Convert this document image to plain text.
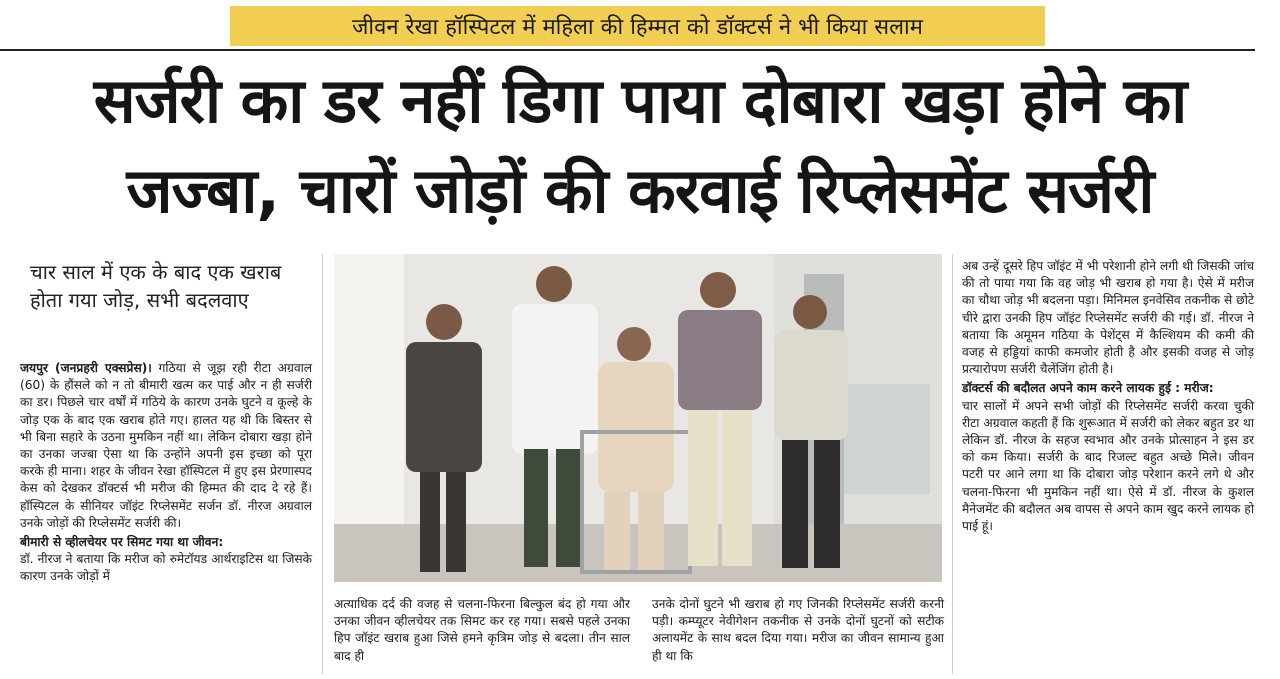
जीवन रेखा हॉस्पिटल में महिला की हिम्मत को डॉक्टर्स ने भी किया सलाम
सर्जरी का डर नहीं डिगा पाया दोबारा खड़ा होने का
जज्बा, चारों जोड़ों की करवाई रिप्लेसमेंट सर्जरी
चार साल में एक के बाद एक खराब होता गया जोड़, सभी बदलवाए
जयपुर (जनप्रहरी एक्सप्रेस)। गठिया से जूझ रही रीटा अग्रवाल (60) के हौंसले को न तो बीमारी खत्म कर पाई और न ही सर्जरी का डर। पिछले चार वर्षों में गठिये के कारण उनके घुटने व कूल्हे के जोड़ एक के बाद एक खराब होते गए। हालत यह थी कि बिस्तर से भी बिना सहारे के उठना मुमकिन नहीं था। लेकिन दोबारा खड़ा होने का उनका जज्बा ऐसा था कि उन्होंने अपनी इस इच्छा को पूरा करके ही माना। शहर के जीवन रेखा हॉस्पिटल में हुए इस प्रेरणास्पद केस को देखकर डॉक्टर्स भी मरीज की हिम्मत की दाद दे रहे हैं। हॉस्पिटल के सीनियर जॉइंट रिप्लेसमेंट सर्जन डॉ. नीरज अग्रवाल उनके जोड़ों की रिप्लेसमेंट सर्जरी की।
बीमारी से व्हीलचेयर पर सिमट गया था जीवन:
डॉ. नीरज ने बताया कि मरीज को रुमेटॉयड आर्थराइटिस था जिसके कारण उनके जोड़ों में
अत्याधिक दर्द की वजह से चलना-फिरना बिल्कुल बंद हो गया और उनका जीवन व्हीलचेयर तक सिमट कर रह गया। सबसे पहले उनका हिप जॉइंट खराब हुआ जिसे हमने कृत्रिम जोड़ से बदला। तीन साल बाद ही
उनके दोनों घुटने भी खराब हो गए जिनकी रिप्लेसमेंट सर्जरी करनी पड़ी। कम्प्यूटर नेवीगेशन तकनीक से उनके दोनों घुटनों को सटीक अलायमेंट के साथ बदल दिया गया। मरीज का जीवन सामान्य हुआ ही था कि
अब उन्हें दूसरे हिप जॉइंट में भी परेशानी होने लगी थी जिसकी जांच की तो पाया गया कि वह जोड़ भी खराब हो गया है। ऐसे में मरीज का चौथा जोड़ भी बदलना पड़ा। मिनिमल इनवेसिव तकनीक से छोटे चीरे द्वारा उनकी हिप जॉइंट रिप्लेसमेंट सर्जरी की गई। डॉ. नीरज ने बताया कि अमूमन गठिया के पेशेंट्स में कैल्शियम की कमी की वजह से हड्डियां काफी कमजोर होती है और इसकी वजह से जोड़ प्रत्यारोपण सर्जरी चैलेंजिंग होती है।
डॉक्टर्स की बदौलत अपने काम करने लायक हुई : मरीज:
चार सालों में अपने सभी जोड़ों की रिप्लेसमेंट सर्जरी करवा चुकी रीटा अग्रवाल कहती हैं कि शुरूआत में सर्जरी को लेकर बहुत डर था लेकिन डॉ. नीरज के सहज स्वभाव और उनके प्रोत्साहन ने इस डर को कम किया। सर्जरी के बाद रिजल्ट बहुत अच्छे मिले। जीवन पटरी पर आने लगा था कि दोबारा जोड़ परेशान करने लगे थे और चलना-फिरना भी मुमकिन नहीं था। ऐसे में डॉ. नीरज के कुशल मैनेजमेंट की बदौलत अब वापस से अपने काम खुद करने लायक हो पाई हूं।
